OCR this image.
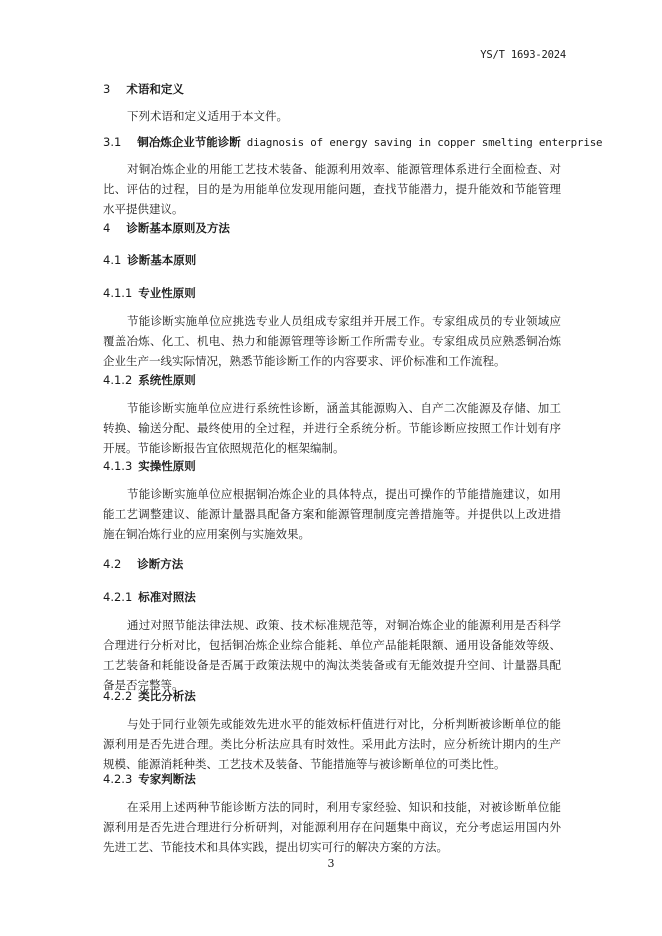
YS/T 1693-2024
3 术语和定义
下列术语和定义适用于本文件。
3.1 铜冶炼企业节能诊断 diagnosis of energy saving in copper smelting enterprise
对铜冶炼企业的用能工艺技术装备、能源利用效率、能源管理体系进行全面检查、对比、评估的过程，目的是为用能单位发现用能问题，查找节能潜力，提升能效和节能管理水平提供建议。
4 诊断基本原则及方法
4.1 诊断基本原则
4.1.1 专业性原则
节能诊断实施单位应挑选专业人员组成专家组并开展工作。专家组成员的专业领域应覆盖冶炼、化工、机电、热力和能源管理等诊断工作所需专业。专家组成员应熟悉铜冶炼企业生产一线实际情况，熟悉节能诊断工作的内容要求、评价标准和工作流程。
4.1.2 系统性原则
节能诊断实施单位应进行系统性诊断，涵盖其能源购入、自产二次能源及存储、加工转换、输送分配、最终使用的全过程，并进行全系统分析。节能诊断应按照工作计划有序开展。节能诊断报告宜依照规范化的框架编制。
4.1.3 实操性原则
节能诊断实施单位应根据铜冶炼企业的具体特点，提出可操作的节能措施建议，如用能工艺调整建议、能源计量器具配备方案和能源管理制度完善措施等。并提供以上改进措施在铜冶炼行业的应用案例与实施效果。
4.2 诊断方法
4.2.1 标准对照法
通过对照节能法律法规、政策、技术标准规范等，对铜冶炼企业的能源利用是否科学合理进行分析对比，包括铜冶炼企业综合能耗、单位产品能耗限额、通用设备能效等级、工艺装备和耗能设备是否属于政策法规中的淘汰类装备或有无能效提升空间、计量器具配备是否完整等。
4.2.2 类比分析法
与处于同行业领先或能效先进水平的能效标杆值进行对比，分析判断被诊断单位的能源利用是否先进合理。类比分析法应具有时效性。采用此方法时，应分析统计期内的生产规模、能源消耗种类、工艺技术及装备、节能措施等与被诊断单位的可类比性。
4.2.3 专家判断法
在采用上述两种节能诊断方法的同时，利用专家经验、知识和技能，对被诊断单位能源利用是否先进合理进行分析研判，对能源利用存在问题集中商议，充分考虑运用国内外先进工艺、节能技术和具体实践，提出切实可行的解决方案的方法。
3
